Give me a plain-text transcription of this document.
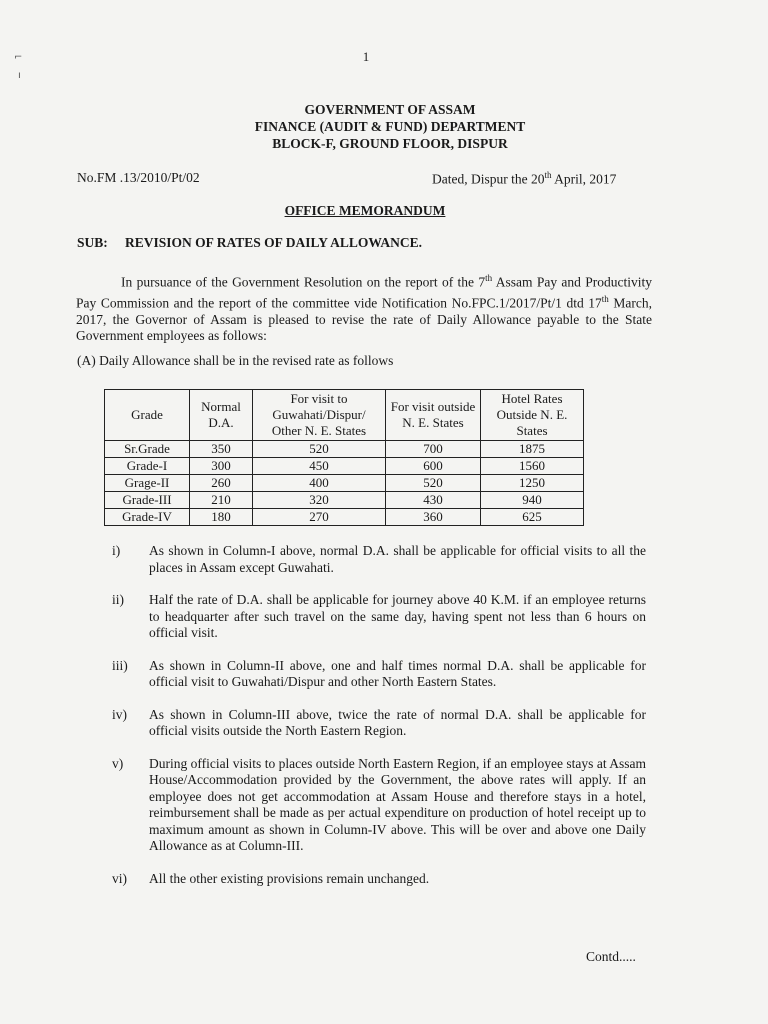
⌐
ı
1
GOVERNMENT OF ASSAM
FINANCE (AUDIT & FUND) DEPARTMENT
BLOCK-F, GROUND FLOOR, DISPUR
No.FM .13/2010/Pt/02	Dated, Dispur the 20th April, 2017
OFFICE MEMORANDUM
SUB: REVISION OF RATES OF DAILY ALLOWANCE.
In pursuance of the Government Resolution on the report of the 7th Assam Pay and Productivity Pay Commission and the report of the committee vide Notification No.FPC.1/2017/Pt/1 dtd 17th March, 2017, the Governor of Assam is pleased to revise the rate of Daily Allowance payable to the State Government employees as follows:
(A) Daily Allowance shall be in the revised rate as follows
Grade	Normal D.A.	For visit to Guwahati/Dispur/ Other N. E. States	For visit outside N. E. States	Hotel Rates Outside N. E. States
Sr.Grade	350	520	700	1875
Grade-I	300	450	600	1560
Grage-II	260	400	520	1250
Grade-III	210	320	430	940
Grade-IV	180	270	360	625
i)	As shown in Column-I above, normal D.A. shall be applicable for official visits to all the places in Assam except Guwahati.
ii)	Half the rate of D.A. shall be applicable for journey above 40 K.M. if an employee returns to headquarter after such travel on the same day, having spent not less than 6 hours on official visit.
iii)	As shown in Column-II above, one and half times normal D.A. shall be applicable for official visit to Guwahati/Dispur and other North Eastern States.
iv)	As shown in Column-III above, twice the rate of normal D.A. shall be applicable for official visits outside the North Eastern Region.
v)	During official visits to places outside North Eastern Region, if an employee stays at Assam House/Accommodation provided by the Government, the above rates will apply. If an employee does not get accommodation at Assam House and therefore stays in a hotel, reimbursement shall be made as per actual expenditure on production of hotel receipt up to maximum amount as shown in Column-IV above. This will be over and above one Daily Allowance as at Column-III.
vi)	All the other existing provisions remain unchanged.
Contd.....
